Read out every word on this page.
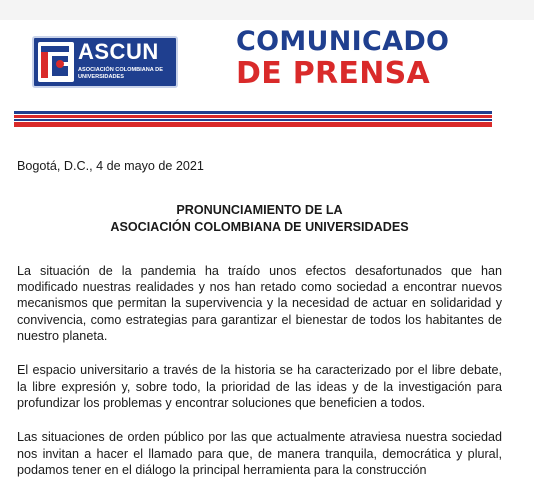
ASCUN
ASOCIACIÓN COLOMBIANA DE UNIVERSIDADES
COMUNICADO
DE PRENSA

Bogotá, D.C., 4 de mayo de 2021

PRONUNCIAMIENTO DE LA
ASOCIACIÓN COLOMBIANA DE UNIVERSIDADES

La situación de la pandemia ha traído unos efectos desafortunados que han modificado nuestras realidades y nos han retado como sociedad a encontrar nuevos mecanismos que permitan la supervivencia y la necesidad de actuar en solidaridad y convivencia, como estrategias para garantizar el bienestar de todos los habitantes de nuestro planeta.

El espacio universitario a través de la historia se ha caracterizado por el libre debate, la libre expresión y, sobre todo, la prioridad de las ideas y de la investigación para profundizar los problemas y encontrar soluciones que beneficien a todos.

Las situaciones de orden público por las que actualmente atraviesa nuestra sociedad nos invitan a hacer el llamado para que, de manera tranquila, democrática y plural, podamos tener en el diálogo la principal herramienta para la construcción
